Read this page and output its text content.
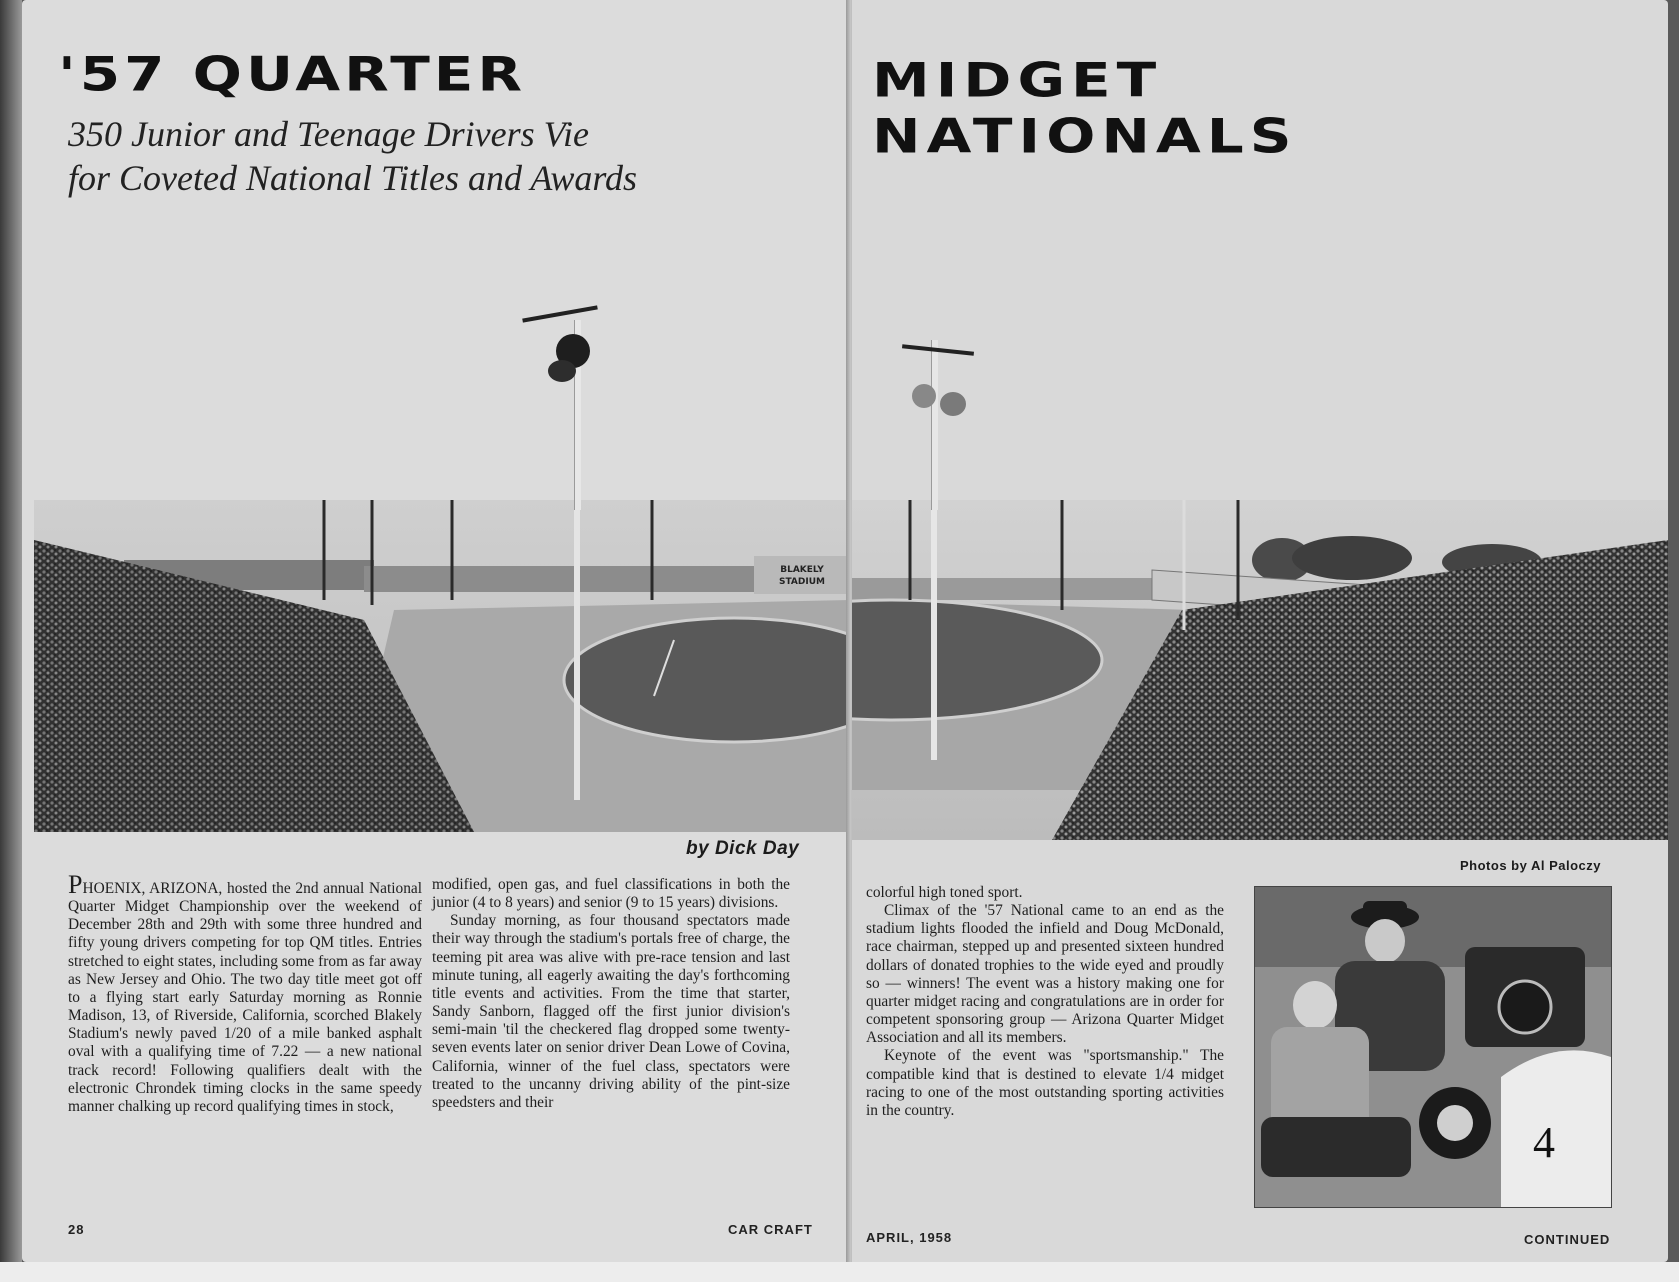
'57 QUARTER
350 Junior and Teenage Drivers Vie
for Coveted National Titles and Awards
BLAKELY
STADIUM
by Dick Day

PHOENIX, ARIZONA, hosted the 2nd annual National Quarter Midget Championship over the weekend of December 28th and 29th with some three hundred and fifty young drivers competing for top QM titles. Entries stretched to eight states, including some from as far away as New Jersey and Ohio. The two day title meet got off to a flying start early Saturday morning as Ronnie Madison, 13, of Riverside, California, scorched Blakely Stadium's newly paved 1/20 of a mile banked asphalt oval with a qualifying time of 7.22 — a new national track record! Following qualifiers dealt with the electronic Chrondek timing clocks in the same speedy manner chalking up record qualifying times in stock,

modified, open gas, and fuel classifications in both the junior (4 to 8 years) and senior (9 to 15 years) divisions.

Sunday morning, as four thousand spectators made their way through the stadium's portals free of charge, the teeming pit area was alive with pre-race tension and last minute tuning, all eagerly awaiting the day's forthcoming title events and activities. From the time that starter, Sandy Sanborn, flagged off the first junior division's semi-main 'til the checkered flag dropped some twenty-seven events later on senior driver Dean Lowe of Covina, California, winner of the fuel class, spectators were treated to the uncanny driving ability of the pint-size speedsters and their

28	CAR CRAFT
MIDGET
NATIONALS
Photos by Al Paloczy

colorful high toned sport.

Climax of the '57 National came to an end as the stadium lights flooded the infield and Doug McDonald, race chairman, stepped up and presented sixteen hundred dollars of donated trophies to the wide eyed and proudly so — winners! The event was a history making one for quarter midget racing and congratulations are in order for competent sponsoring group — Arizona Quarter Midget Association and all its members.

Keynote of the event was "sportsmanship." The compatible kind that is destined to elevate 1/4 midget racing to one of the most outstanding sporting activities in the country.

4
APRIL, 1958	CONTINUED
